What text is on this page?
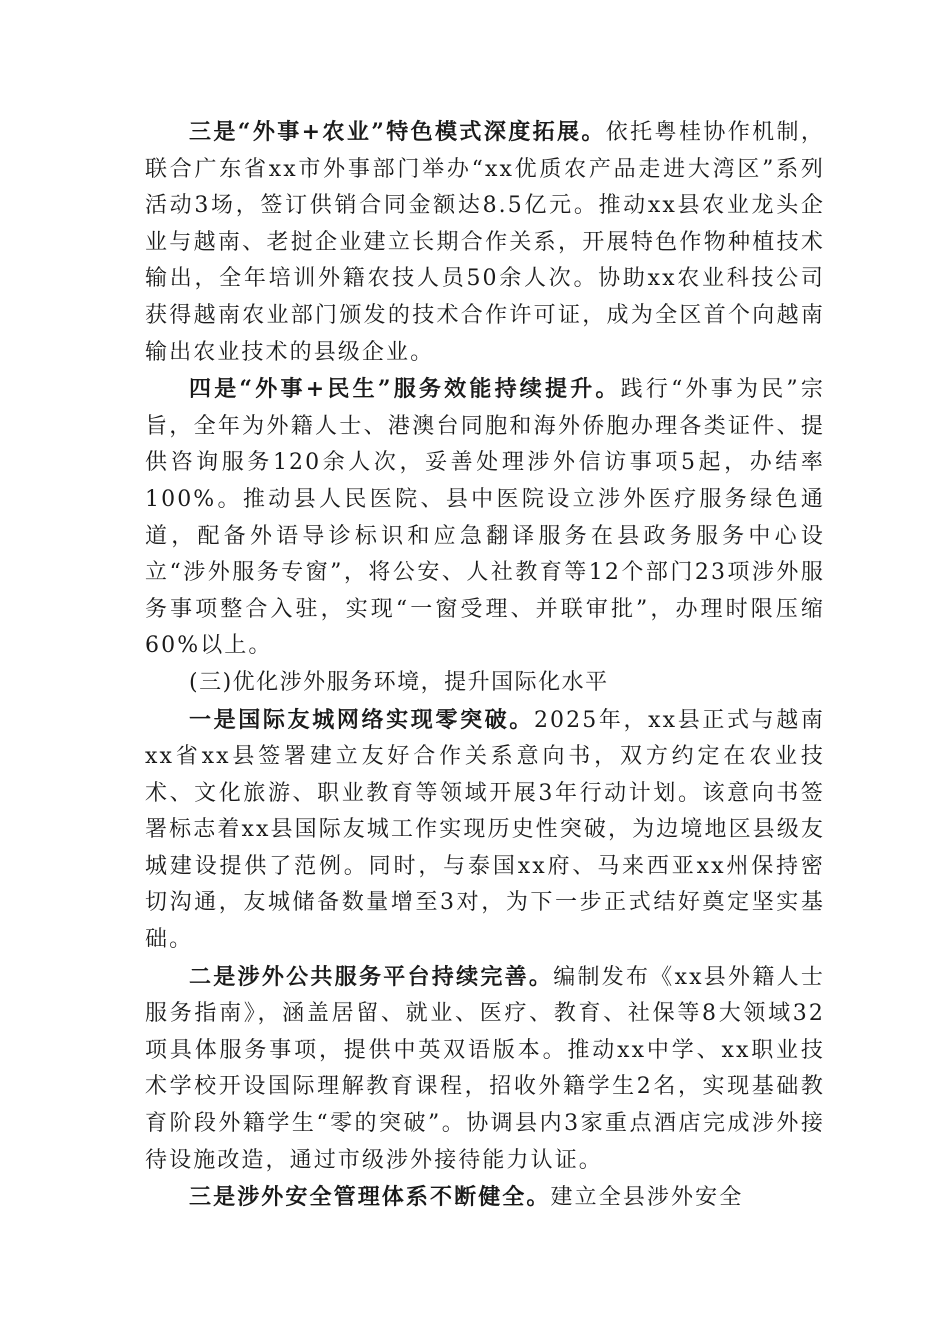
三是“外事+农业”特色模式深度拓展。依托粤桂协作机制，联合广东省xx市外事部门举办“xx优质农产品走进大湾区”系列活动3场，签订供销合同金额达8.5亿元。推动xx县农业龙头企业与越南、老挝企业建立长期合作关系，开展特色作物种植技术输出，全年培训外籍农技人员50余人次。协助xx农业科技公司获得越南农业部门颁发的技术合作许可证，成为全区首个向越南输出农业技术的县级企业。

四是“外事+民生”服务效能持续提升。践行“外事为民”宗旨，全年为外籍人士、港澳台同胞和海外侨胞办理各类证件、提供咨询服务120余人次，妥善处理涉外信访事项5起，办结率100%。推动县人民医院、县中医院设立涉外医疗服务绿色通道，配备外语导诊标识和应急翻译服务在县政务服务中心设立“涉外服务专窗”，将公安、人社教育等12个部门23项涉外服务事项整合入驻，实现“一窗受理、并联审批”，办理时限压缩60%以上。

(三)优化涉外服务环境，提升国际化水平

一是国际友城网络实现零突破。2025年，xx县正式与越南xx省xx县签署建立友好合作关系意向书，双方约定在农业技术、文化旅游、职业教育等领域开展3年行动计划。该意向书签署标志着xx县国际友城工作实现历史性突破，为边境地区县级友城建设提供了范例。同时，与泰国xx府、马来西亚xx州保持密切沟通，友城储备数量增至3对，为下一步正式结好奠定坚实基础。

二是涉外公共服务平台持续完善。编制发布《xx县外籍人士服务指南》，涵盖居留、就业、医疗、教育、社保等8大领域32项具体服务事项，提供中英双语版本。推动xx中学、xx职业技术学校开设国际理解教育课程，招收外籍学生2名，实现基础教育阶段外籍学生“零的突破”。协调县内3家重点酒店完成涉外接待设施改造，通过市级涉外接待能力认证。

三是涉外安全管理体系不断健全。建立全县涉外安全
